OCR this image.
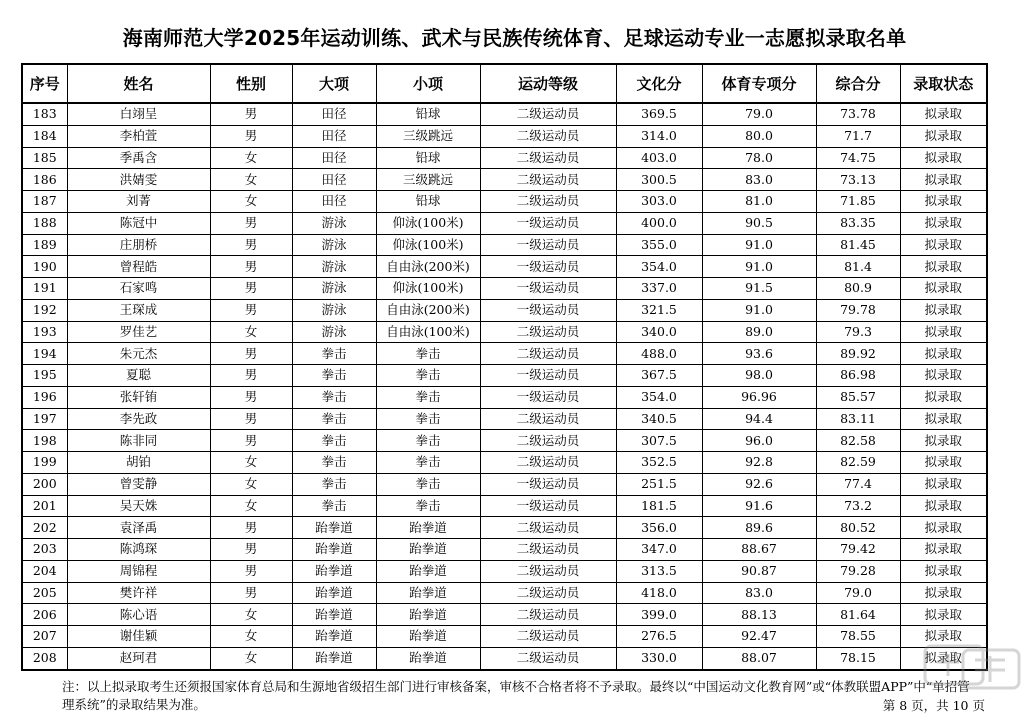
海南师范大学2025年运动训练、武术与民族传统体育、足球运动专业一志愿拟录取名单
序号	姓名	性别	大项	小项	运动等级	文化分	体育专项分	综合分	录取状态
183	白翊呈	男	田径	铅球	二级运动员	369.5	79.0	73.78	拟录取
184	李柏萱	男	田径	三级跳远	二级运动员	314.0	80.0	71.7	拟录取
185	季禹含	女	田径	铅球	二级运动员	403.0	78.0	74.75	拟录取
186	洪婧雯	女	田径	三级跳远	二级运动员	300.5	83.0	73.13	拟录取
187	刘菁	女	田径	铅球	二级运动员	303.0	81.0	71.85	拟录取
188	陈冠中	男	游泳	仰泳(100米)	一级运动员	400.0	90.5	83.35	拟录取
189	庄朋桥	男	游泳	仰泳(100米)	一级运动员	355.0	91.0	81.45	拟录取
190	曾程皓	男	游泳	自由泳(200米)	一级运动员	354.0	91.0	81.4	拟录取
191	石家鸣	男	游泳	仰泳(100米)	一级运动员	337.0	91.5	80.9	拟录取
192	王琛成	男	游泳	自由泳(200米)	一级运动员	321.5	91.0	79.78	拟录取
193	罗佳艺	女	游泳	自由泳(100米)	二级运动员	340.0	89.0	79.3	拟录取
194	朱元杰	男	拳击	拳击	二级运动员	488.0	93.6	89.92	拟录取
195	夏聪	男	拳击	拳击	一级运动员	367.5	98.0	86.98	拟录取
196	张轩铕	男	拳击	拳击	一级运动员	354.0	96.96	85.57	拟录取
197	李先政	男	拳击	拳击	二级运动员	340.5	94.4	83.11	拟录取
198	陈非同	男	拳击	拳击	二级运动员	307.5	96.0	82.58	拟录取
199	胡铂	女	拳击	拳击	二级运动员	352.5	92.8	82.59	拟录取
200	曾雯静	女	拳击	拳击	一级运动员	251.5	92.6	77.4	拟录取
201	吴天姝	女	拳击	拳击	一级运动员	181.5	91.6	73.2	拟录取
202	袁泽禹	男	跆拳道	跆拳道	二级运动员	356.0	89.6	80.52	拟录取
203	陈鸿琛	男	跆拳道	跆拳道	二级运动员	347.0	88.67	79.42	拟录取
204	周锦程	男	跆拳道	跆拳道	二级运动员	313.5	90.87	79.28	拟录取
205	樊许祥	男	跆拳道	跆拳道	二级运动员	418.0	83.0	79.0	拟录取
206	陈心语	女	跆拳道	跆拳道	二级运动员	399.0	88.13	81.64	拟录取
207	谢佳颖	女	跆拳道	跆拳道	二级运动员	276.5	92.47	78.55	拟录取
208	赵珂君	女	跆拳道	跆拳道	二级运动员	330.0	88.07	78.15	拟录取
注：以上拟录取考生还须报国家体育总局和生源地省级招生部门进行审核备案，审核不合格者将不予录取。最终以“中国运动文化教育网”或“体教联盟APP”中“单招管理系统”的录取结果为准。	第 8 页，共 10 页
